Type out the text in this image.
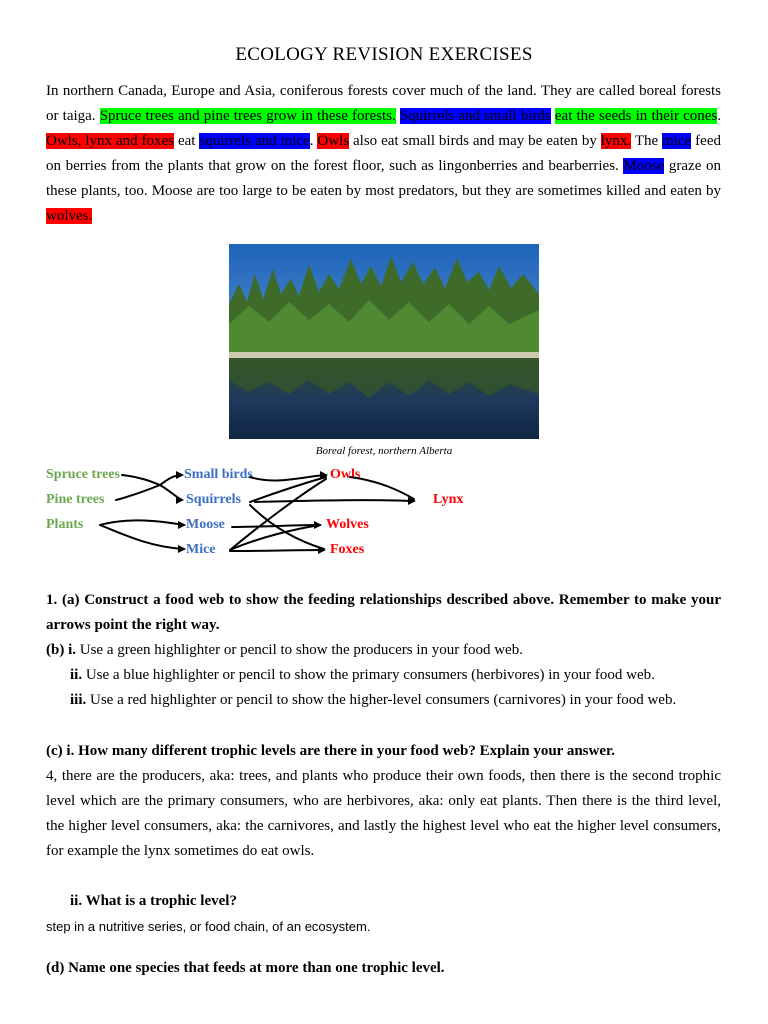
ECOLOGY REVISION EXERCISES
In northern Canada, Europe and Asia, coniferous forests cover much of the land. They are called boreal forests or taiga. Spruce trees and pine trees grow in these forests. Squirrels and small birds eat the seeds in their cones. Owls, lynx and foxes eat squirrels and mice. Owls also eat small birds and may be eaten by lynx. The mice feed on berries from the plants that grow on the forest floor, such as lingonberries and bearberries. Moose graze on these plants, too. Moose are too large to be eaten by most predators, but they are sometimes killed and eaten by wolves.
Boreal forest, northern Alberta
Spruce trees
Pine trees
Plants
Small birds
Squirrels
Moose
Mice
Owls
Wolves
Foxes
Lynx
1. (a) Construct a food web to show the feeding relationships described above. Remember to make your arrows point the right way.
(b) i. Use a green highlighter or pencil to show the producers in your food web.
ii. Use a blue highlighter or pencil to show the primary consumers (herbivores) in your food web.
iii. Use a red highlighter or pencil to show the higher-level consumers (carnivores) in your food web.
(c) i. How many different trophic levels are there in your food web? Explain your answer.
4, there are the producers, aka: trees, and plants who produce their own foods, then there is the second trophic level which are the primary consumers, who are herbivores, aka: only eat plants. Then there is the third level, the higher level consumers, aka: the carnivores, and lastly the highest level who eat the higher level consumers, for example the lynx sometimes do eat owls.
ii. What is a trophic level?
step in a nutritive series, or food chain, of an ecosystem.
(d) Name one species that feeds at more than one trophic level.
